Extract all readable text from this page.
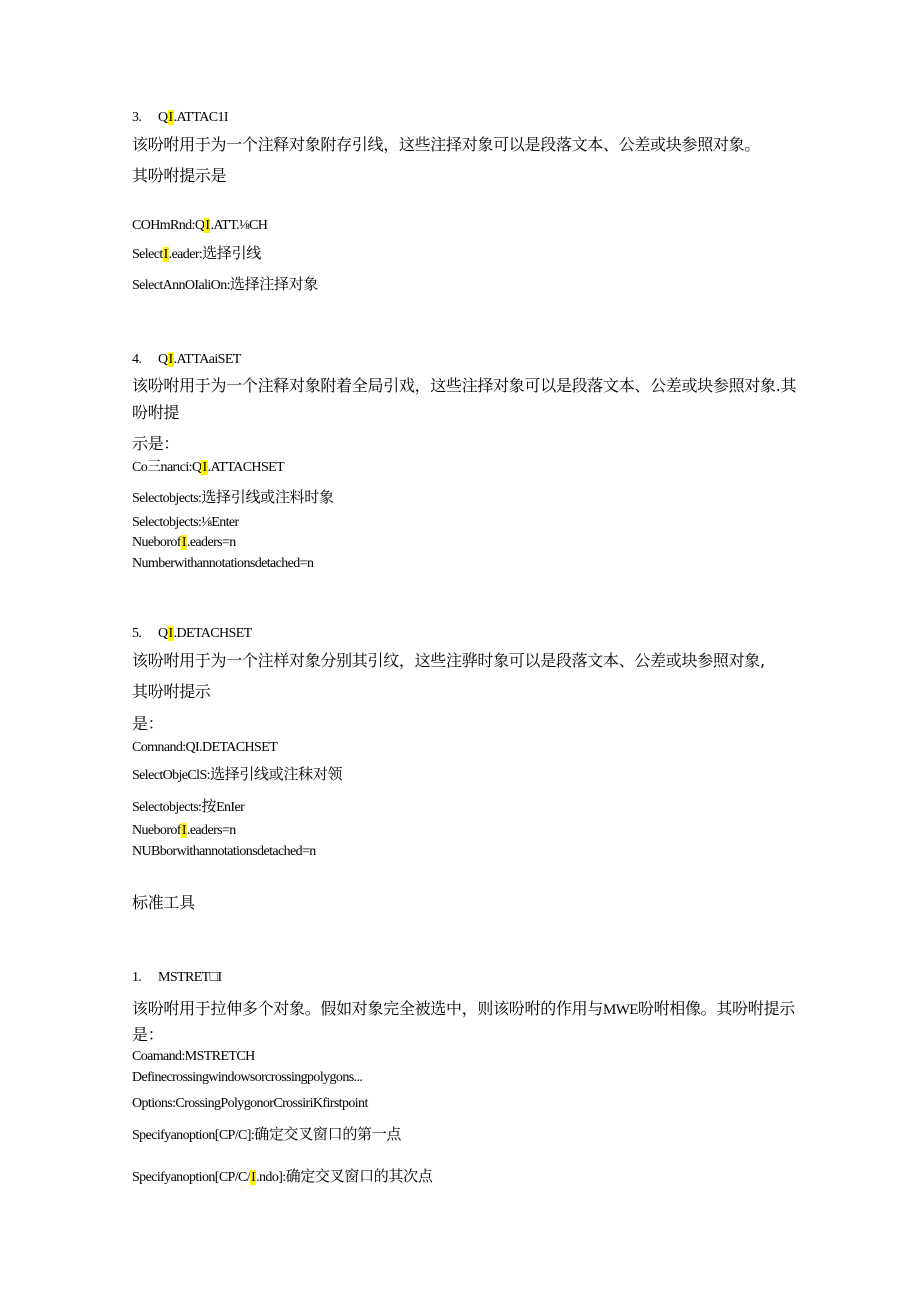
3. QI.ATTAC1I
该吩咐用于为一个注释对象附存引线，这些注择对象可以是段落文本、公差或块参照对象。
其吩咐提示是
COHmRnd:QI.ATT.⅛CH
SelectI.eader:选择引线
SelectAnnOIaliOn:选择注择对象
4. QI.ATTAaiSET
该吩咐用于为一个注释对象附着全局引戏，这些注择对象可以是段落文本、公差或块参照对象.其
吩咐提
示是：
Co三narιci:QI.ATTACHSET
Selectobjects:选择引线或注料时象
Selectobjects:⅛Enter
NueborofI.eaders=n
Numberwithannotationsdetached=n
5. QI.DETACHSET
该吩咐用于为一个注样对象分别其引纹，这些注骅时象可以是段落文本、公差或块参照对象,
其吩咐提示
是：
Comnand:QI.DETACHSET
SelectObjeClS:选择引线或注秣对领
Selectobjects:按EnIer
NueborofI.eaders=n
NUBborwithannotationsdetached=n
标准工具
1. MSTRET□I
该吩咐用于拉伸多个对象。假如对象完全被选中，则该吩咐的作用与MWE吩咐相像。其吩咐提示
是：
Coamand:MSTRETCH
Definecrossingwindowsorcrossingpolygons...
Options:CrossingPolygonorCrossiriKfirstpoint
Specifyanoption[CP/C]:确定交叉窗口的第一点
Specifyanoption[CP/C/I.ndo]:确定交叉窗口的其次点
